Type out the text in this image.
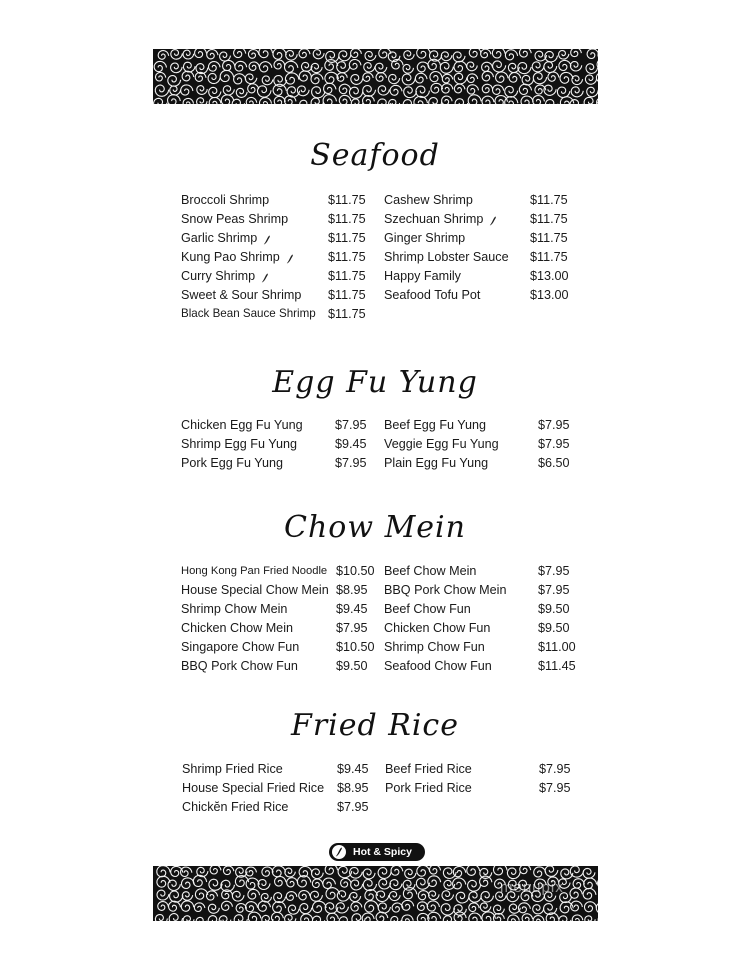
Seafood
Egg Fu Yung
Chow Mein
Fried Rice
Broccoli Shrimp	$11.75
Snow Peas Shrimp	$11.75
Garlic Shrimp	$11.75
Kung Pao Shrimp	$11.75
Curry Shrimp	$11.75
Sweet & Sour Shrimp $11.75
Black Bean Sauce Shrimp $11.75
Cashew Shrimp	$11.75
Szechuan Shrimp	$11.75
Ginger Shrimp	$11.75
Shrimp Lobster Sauce $11.75
Happy Family	$13.00
Seafood Tofu Pot	$13.00
Chicken Egg Fu Yung	$7.95
Shrimp Egg Fu Yung	$9.45
Pork Egg Fu Yung	$7.95
Beef Egg Fu Yung	$7.95
Veggie Egg Fu Yung	$7.95
Plain Egg Fu Yung	$6.50
Hong Kong Pan Fried Noodle $10.50
House Special Chow Mein $8.95
Shrimp Chow Mein	$9.45
Chicken Chow Mein	$7.95
Singapore Chow Fun	$10.50
BBQ Pork Chow Fun	$9.50
Beef Chow Mein	$7.95
BBQ Pork Chow Mein	$7.95
Beef Chow Fun	$9.50
Chicken Chow Fun	$9.50
Shrimp Chow Fun	$11.00
Seafood Chow Fun	$11.45
Shrimp Fried Rice	$9.45
House Special Fried Rice $8.95
Chickĕn Fried Rice	$7.95
Beef Fried Rice	$7.95
Pork Fried Rice	$7.95
Hot & Spicy
menupix
